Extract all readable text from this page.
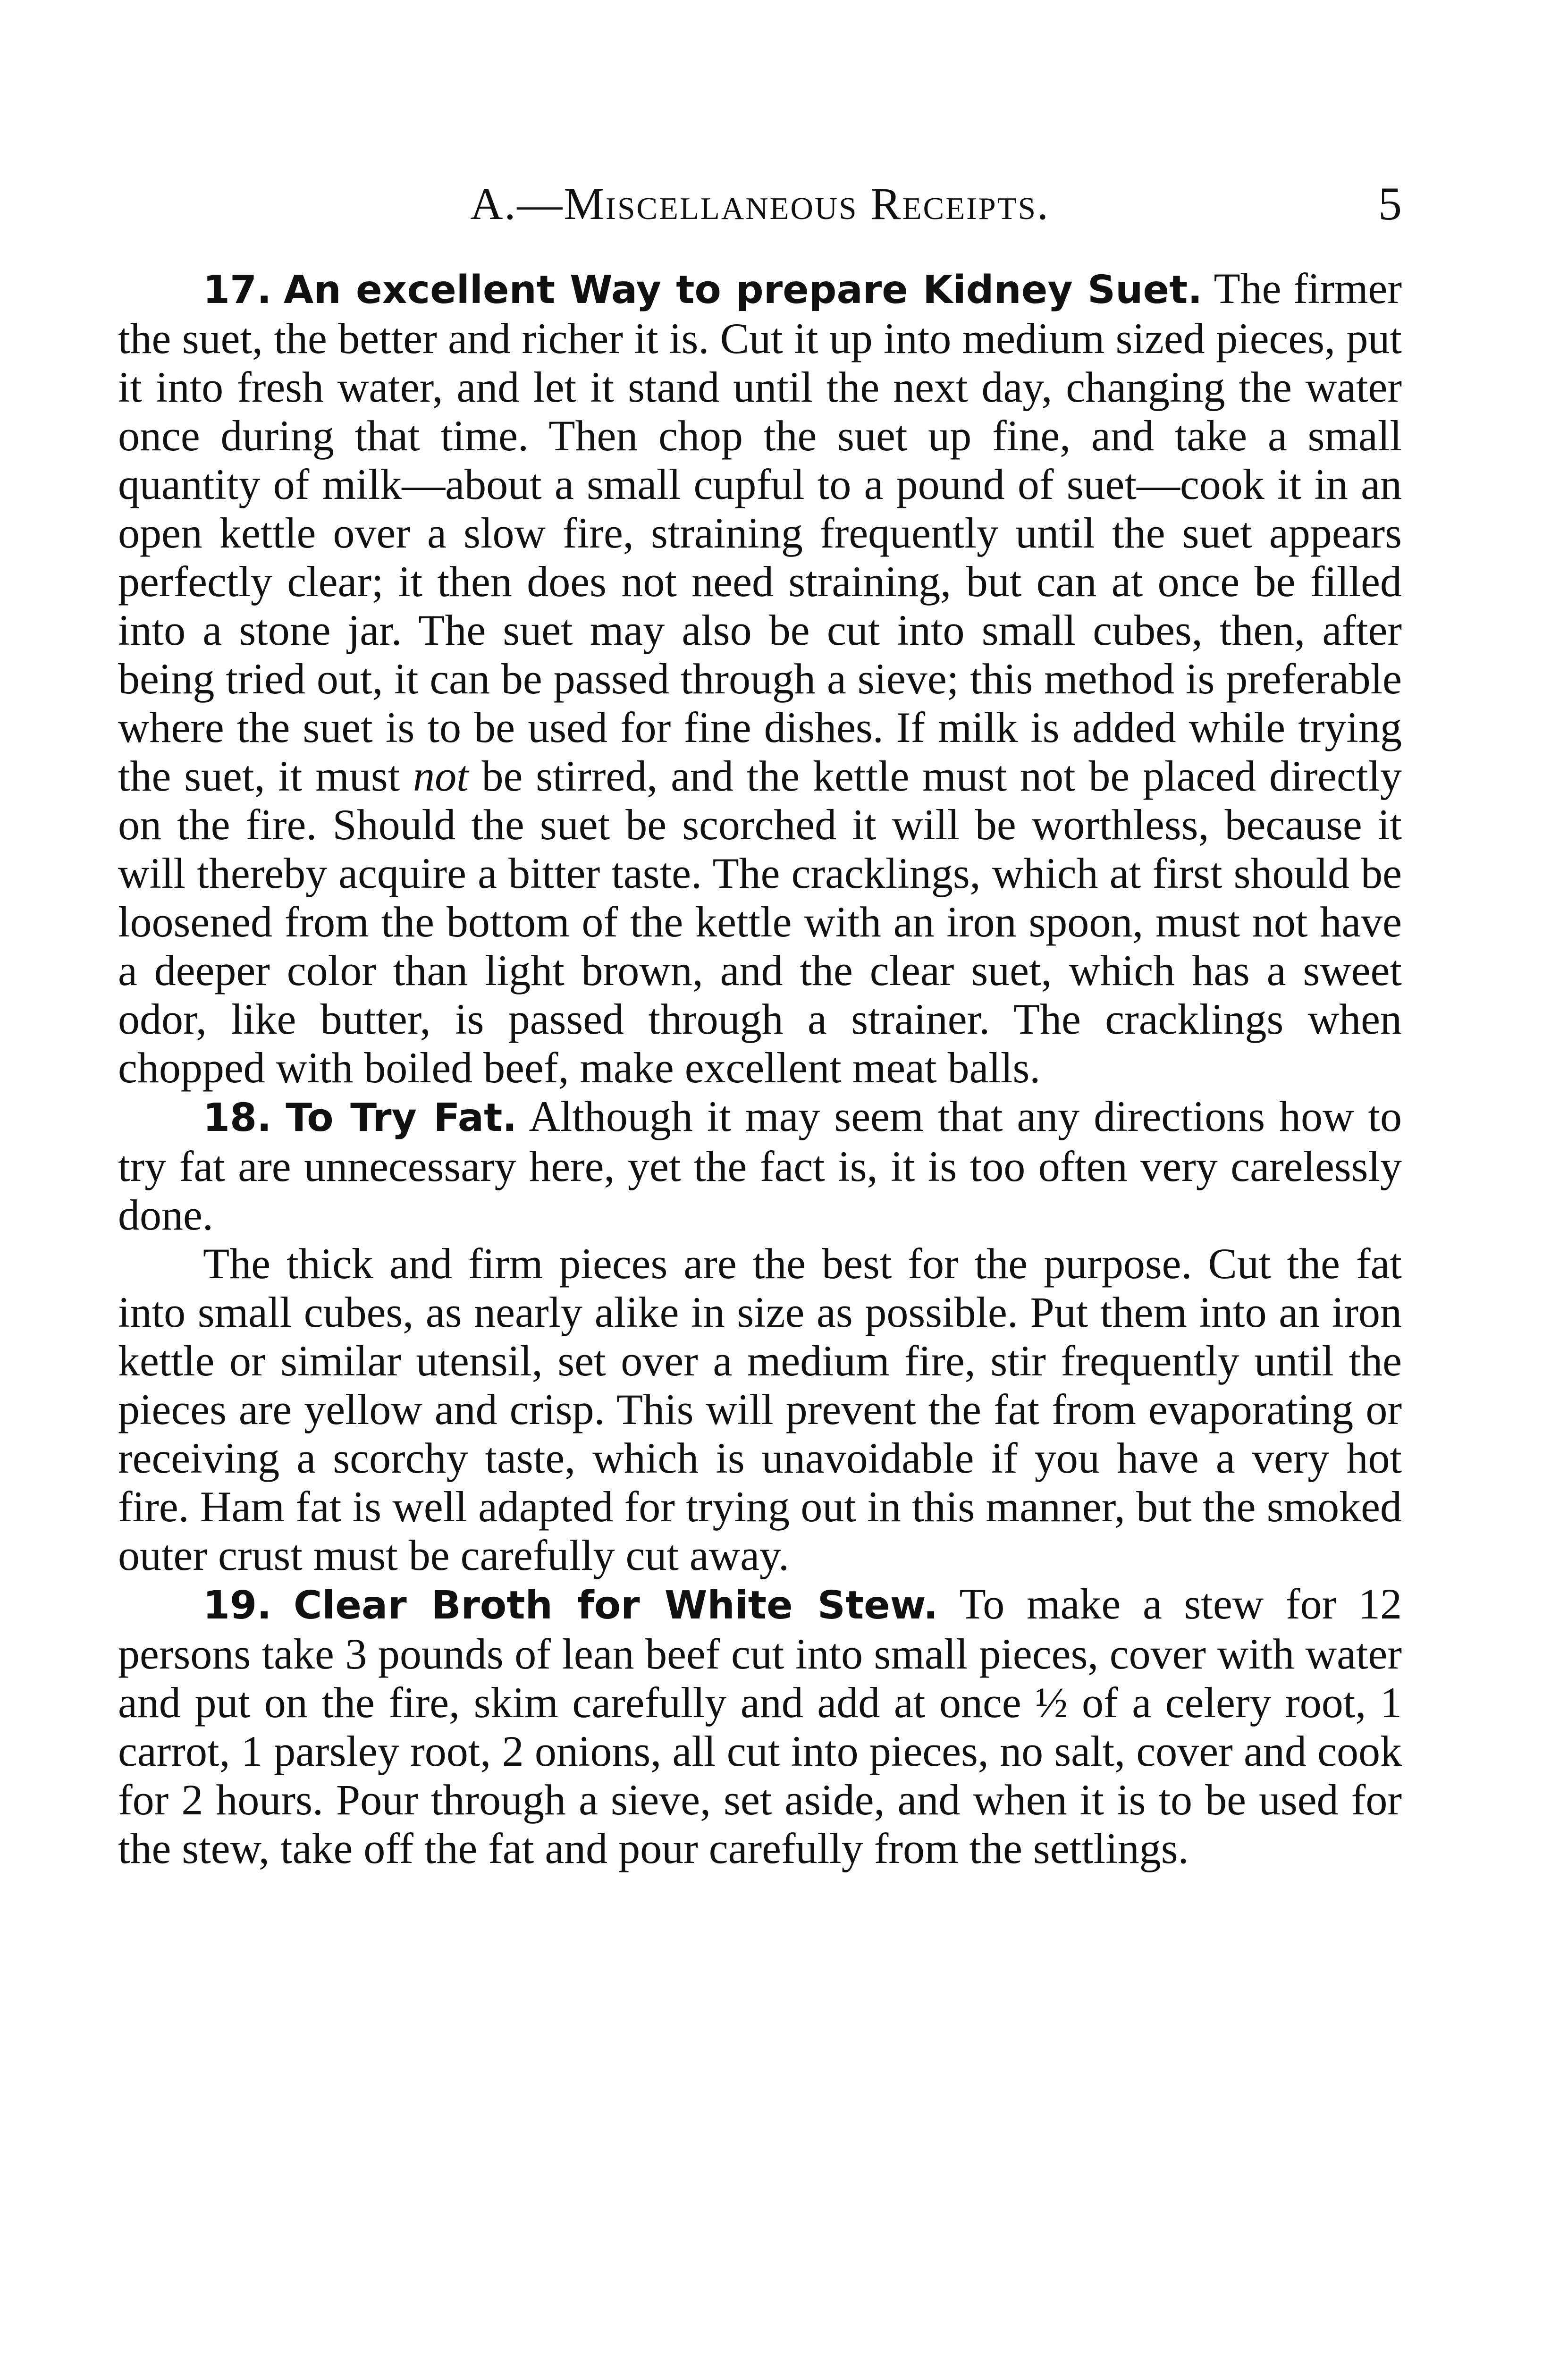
A.—Miscellaneous Receipts.	5

17. An excellent Way to prepare Kidney Suet. The firmer the suet, the better and richer it is. Cut it up into medium sized pieces, put it into fresh water, and let it stand until the next day, changing the water once during that time. Then chop the suet up fine, and take a small quantity of milk—about a small cupful to a pound of suet—cook it in an open kettle over a slow fire, straining frequently until the suet appears perfectly clear; it then does not need straining, but can at once be filled into a stone jar. The suet may also be cut into small cubes, then, after being tried out, it can be passed through a sieve; this method is preferable where the suet is to be used for fine dishes. If milk is added while trying the suet, it must not be stirred, and the kettle must not be placed directly on the fire. Should the suet be scorched it will be worthless, because it will thereby acquire a bitter taste. The cracklings, which at first should be loosened from the bottom of the kettle with an iron spoon, must not have a deeper color than light brown, and the clear suet, which has a sweet odor, like butter, is passed through a strainer. The cracklings when chopped with boiled beef, make excellent meat balls.

18. To Try Fat. Although it may seem that any directions how to try fat are unnecessary here, yet the fact is, it is too often very carelessly done.

The thick and firm pieces are the best for the purpose. Cut the fat into small cubes, as nearly alike in size as possible. Put them into an iron kettle or similar utensil, set over a medium fire, stir frequently until the pieces are yellow and crisp. This will prevent the fat from evaporating or receiving a scorchy taste, which is unavoidable if you have a very hot fire. Ham fat is well adapted for trying out in this manner, but the smoked outer crust must be carefully cut away.

19. Clear Broth for White Stew. To make a stew for 12 persons take 3 pounds of lean beef cut into small pieces, cover with water and put on the fire, skim carefully and add at once ½ of a celery root, 1 carrot, 1 parsley root, 2 onions, all cut into pieces, no salt, cover and cook for 2 hours. Pour through a sieve, set aside, and when it is to be used for the stew, take off the fat and pour carefully from the settlings.
